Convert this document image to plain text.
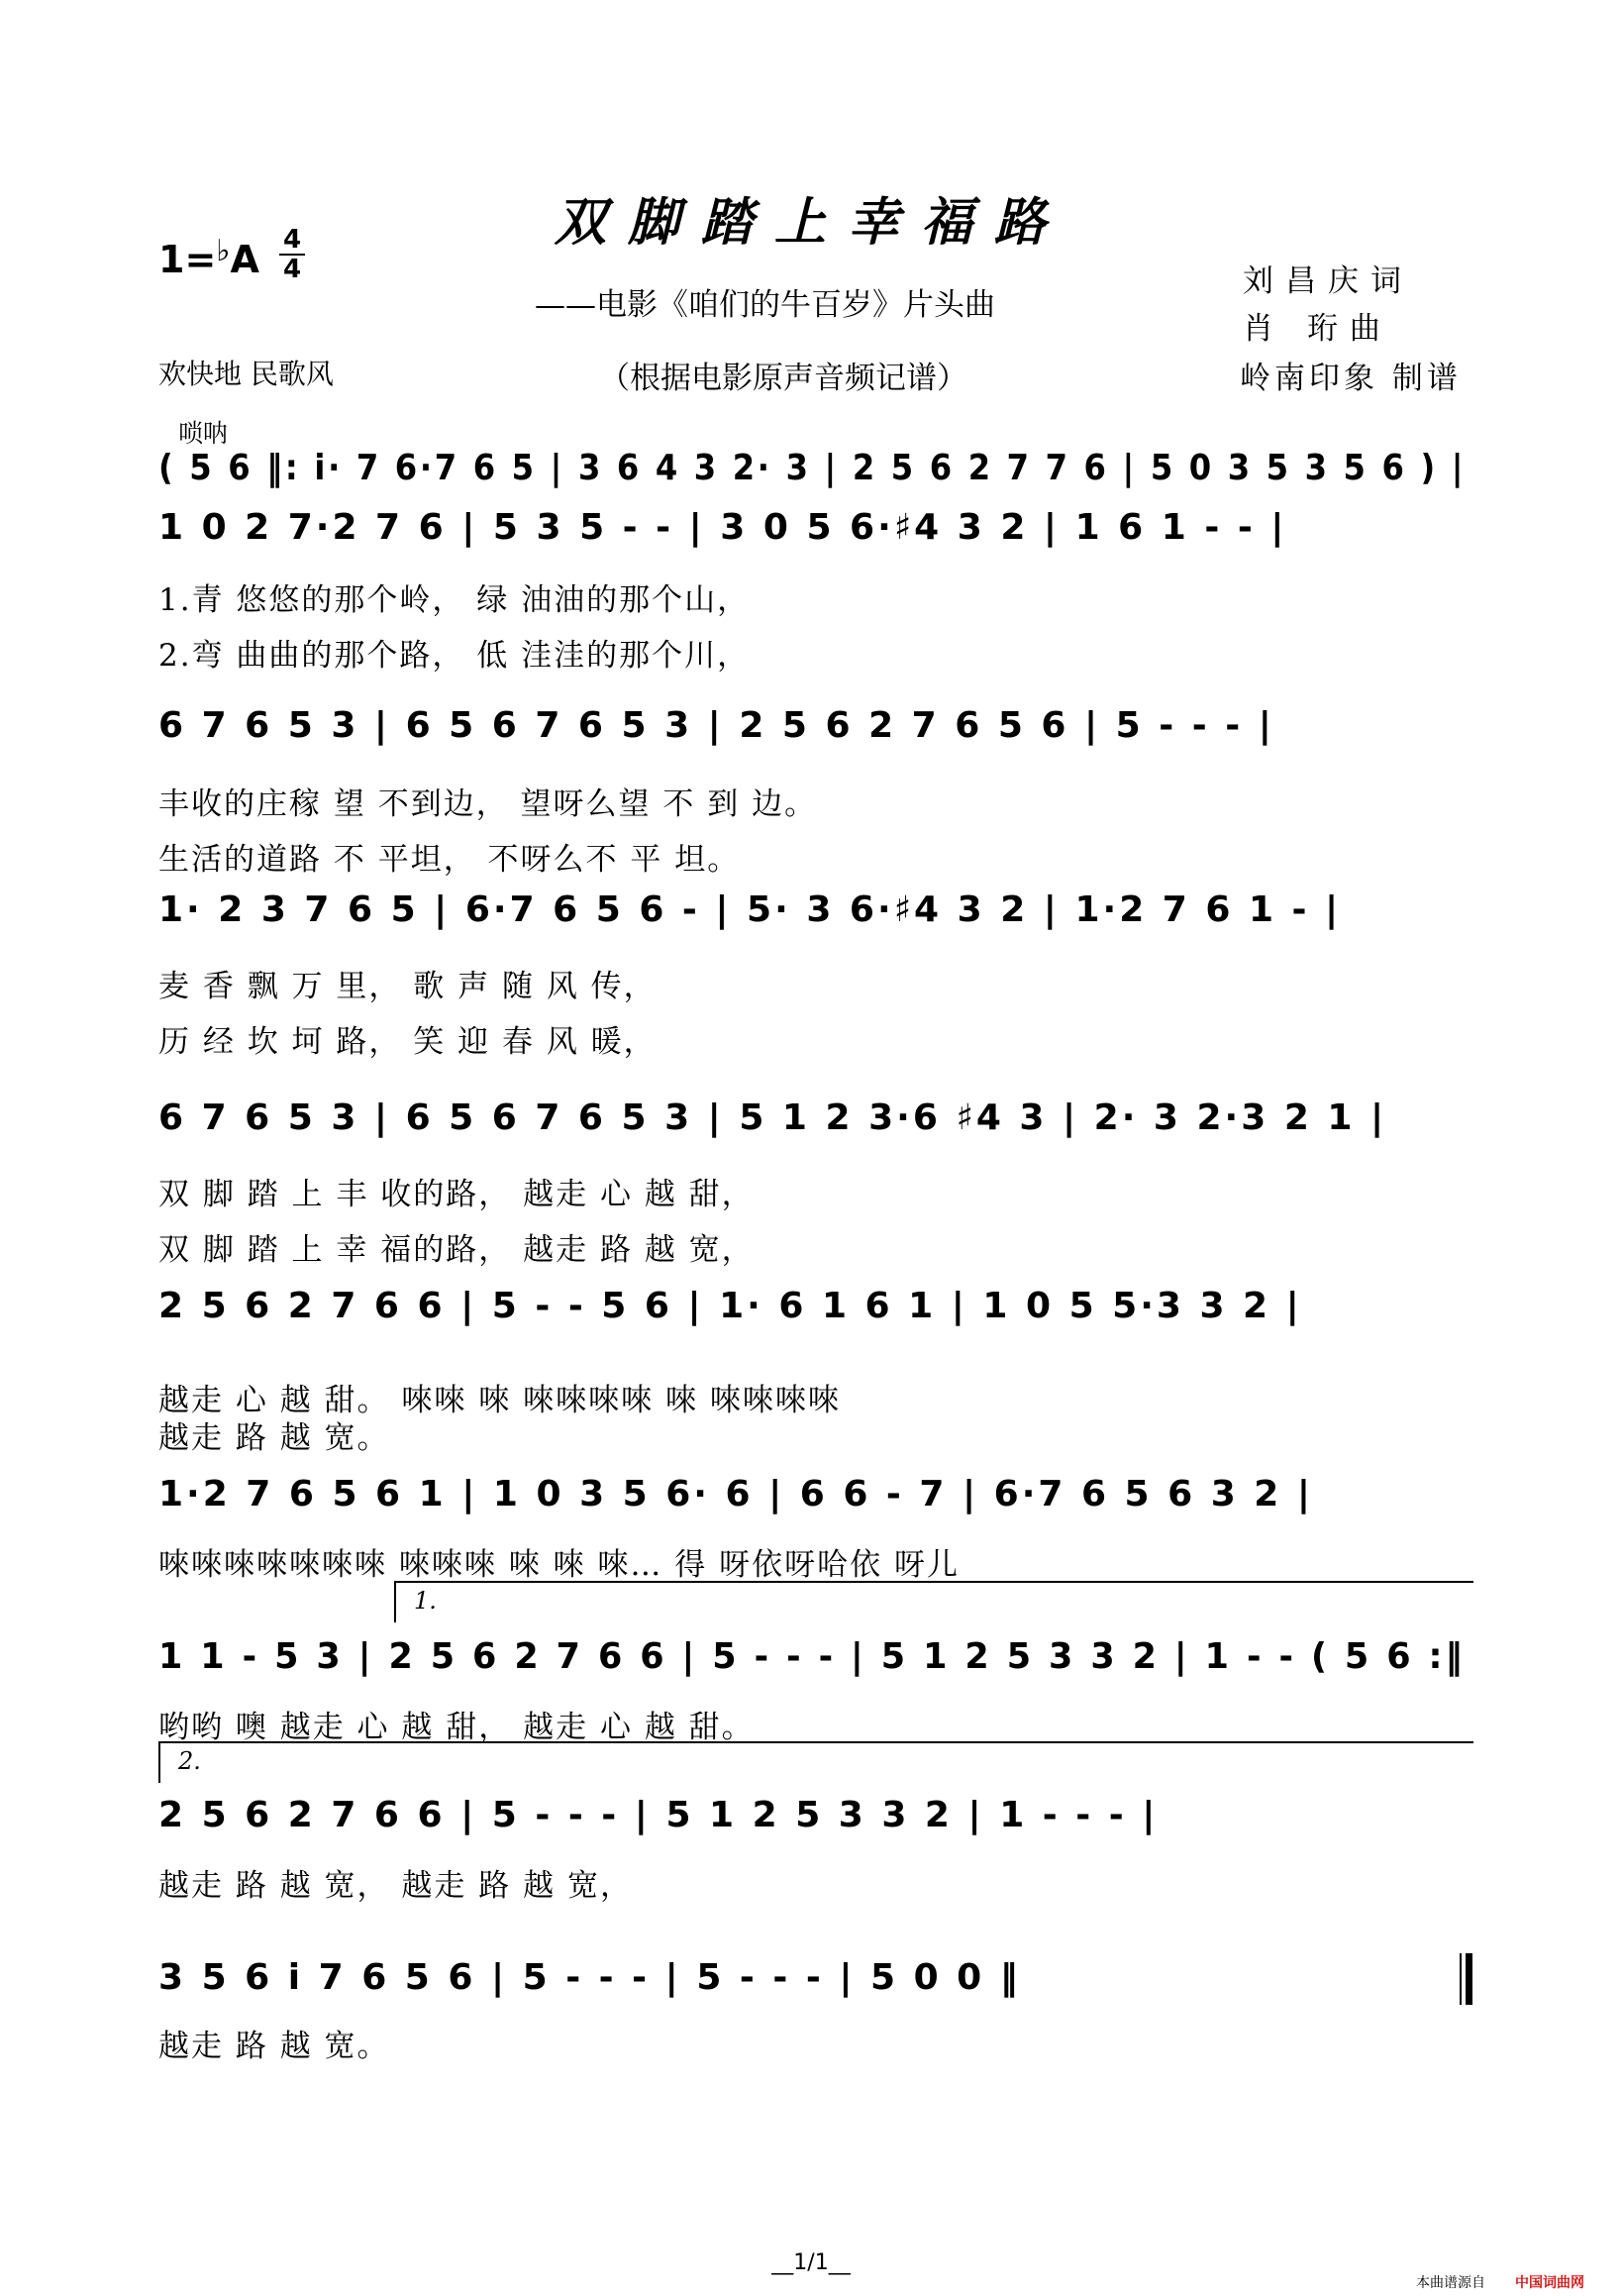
双脚踏上幸福路
1=♭A 4
4
——电影《咱们的牛百岁》片头曲
（根据电影原声音频记谱）
刘昌庆词
肖 珩曲
岭南印象 制谱
欢快地 民歌风
唢呐
( 5 6 ‖: i· 7 6·7 6 5 | 3 6 4 3 2· 3 | 2 5 6 2 7 7 6 | 5 0 3 5 3 5 6 ) |
1 0 2 7·2 7 6 | 5 3 5 - - | 3 0 5 6·♯4 3 2 | 1 6 1 - - |
1.青 悠悠的那个岭， 绿 油油的那个山，
2.弯 曲曲的那个路， 低 洼洼的那个川，
6 7 6 5 3 | 6 5 6 7 6 5 3 | 2 5 6 2 7 6 5 6 | 5 - - - |
丰收的庄稼 望 不到边， 望呀么望 不 到 边。
生活的道路 不 平坦， 不呀么不 平 坦。
1· 2 3 7 6 5 | 6·7 6 5 6 - | 5· 3 6·♯4 3 2 | 1·2 7 6 1 - |
麦 香 飘 万 里， 歌 声 随 风 传，
历 经 坎 坷 路， 笑 迎 春 风 暖，
6 7 6 5 3 | 6 5 6 7 6 5 3 | 5 1 2 3·6 ♯4 3 | 2· 3 2·3 2 1 |
双 脚 踏 上 丰 收的路， 越走 心 越 甜，
双 脚 踏 上 幸 福的路， 越走 路 越 宽，
2 5 6 2 7 6 6 | 5 - - 5 6 | 1· 6 1 6 1 | 1 0 5 5·3 3 2 |
越走 心 越 甜。 唻唻 唻 唻唻唻唻 唻 唻唻唻唻
越走 路 越 宽。
1·2 7 6 5 6 1 | 1 0 3 5 6· 6 | 6 6 - 7 | 6·7 6 5 6 3 2 |
唻唻唻唻唻唻唻 唻唻唻 唻 唻 唻… 得 呀依呀哈依 呀儿
1.
1 1 - 5 3 | 2 5 6 2 7 6 6 | 5 - - - | 5 1 2 5 3 3 2 | 1 - - ( 5 6 :‖
哟哟 噢 越走 心 越 甜， 越走 心 越 甜。
2.
2 5 6 2 7 6 6 | 5 - - - | 5 1 2 5 3 3 2 | 1 - - - |
越走 路 越 宽， 越走 路 越 宽，
3 5 6 i 7 6 5 6 | 5 - - - | 5 - - - | 5 0 0 ‖
越走 路 越 宽。
__1/1__
本曲谱源自 中国词曲网
